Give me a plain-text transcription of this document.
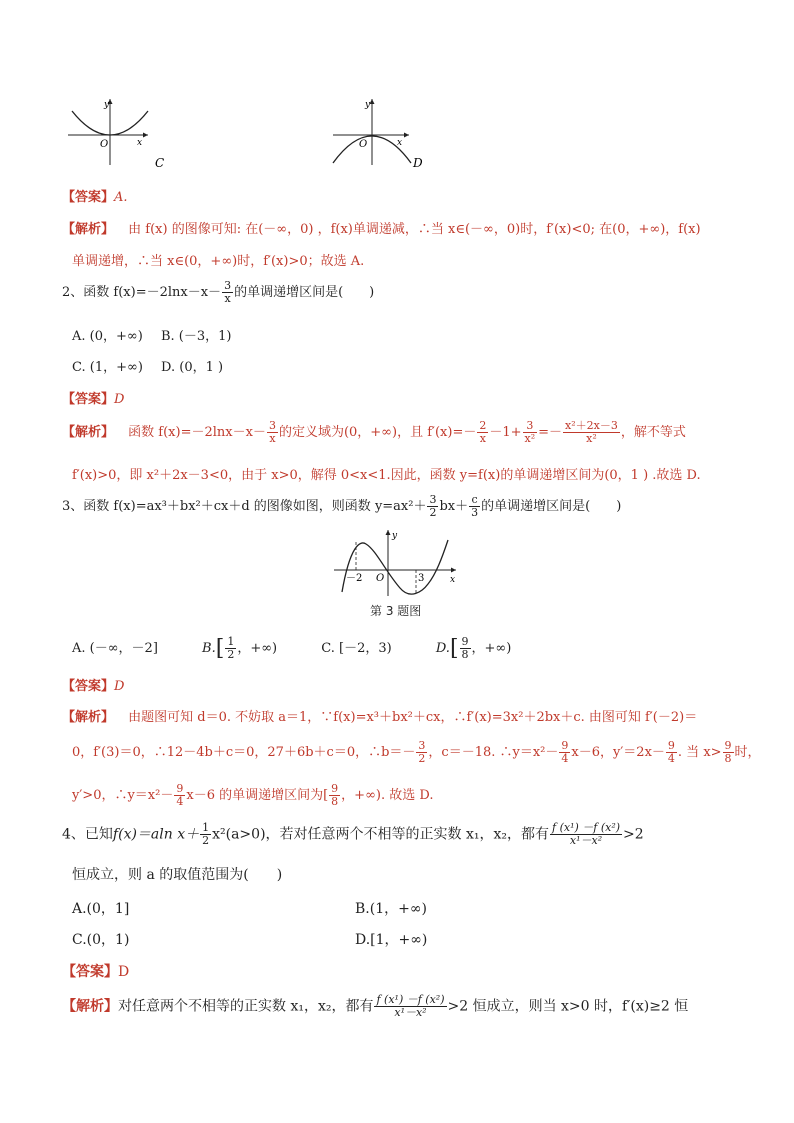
y
x
O
C
y
x
O
D
【答案】A.
【解析】 由 f(x) 的图像可知: 在(－∞，0) ，f(x)单调递减，∴当 x∈(－∞，0)时，f′(x)<0; 在(0，+∞)，f(x)
单调递增，∴当 x∈(0，+∞)时，f′(x)>0；故选 A.
2、函数 $f(x)=-2\ln x-x- \frac{3}{x}$ 的单调递增区间是(　　)
A. (0，+∞) B. (－3，1)
C. (1，+∞) D. (0，1 )
【答案】D
【解析】 函数 $f(x)=-2\ln x-x- \frac{3}{x}$ 的定义域为(0，+∞)，且 $f'(x)=- \frac{2}{x} -1+ \frac{3}{\text{x²}} =- \frac{\text{x²＋2x－3}}{\text{x²}}$ ，解不等式
f′(x)>0，即 x²＋2x－3<0，由于 x>0，解得 0<x<1.因此，函数 y=f(x)的单调递增区间为(0，1 ) .故选 D.
3、函数 f(x)=ax³＋bx²＋cx＋d 的图像如图，则函数 $y=ax^2+ \frac{3}{2} bx+ \frac{c}{3}$ 的单调递增区间是(　　)
－2	3
O	x
y
第 3 题图
A. (－∞，－2]	$B.[ \frac{1}{2}$ ，+∞)	C. [－2，3)	$D.[ \frac{9}{8}$ ，+∞)
【答案】D
【解析】 由题图可知 d＝0. 不妨取 a＝1，∵f(x)=x³＋bx²＋cx，∴f′(x)=3x²＋2bx＋c. 由图可知 f′(－2)＝
0，f′(3)＝0，∴12－4b＋c＝0，27＋6b＋c＝0，∴b＝－ $\frac{3}{2}$ ，c＝－18. ∴y＝x²－ $\frac{9}{4} x-6$，$y'=2x- \frac{9}{4}$ . 当 $x> \frac{9}{8}$ 时，
y′>0，∴y＝x²－ $\frac{9}{4} x-6$ 的单调递增区间为[ $\frac{9}{8}$ ，+∞). 故选 D.
4、已知f(x)＝aln $x+ \frac{1}{2} x^2(a>0)$，若对任意两个不相等的正实数 x₁，x₂，都有 $\frac{\text{f (x¹) －f (x²)}}{\text{x¹－x²}} >2$
恒成立，则 a 的取值范围为(　　)
A.(0，1]	B.(1，+∞)
C.(0，1)	D.[1，+∞)
【答案】D
【解析】对任意两个不相等的正实数 x₁，x₂，都有 $\frac{\text{f (x¹) －f (x²)}}{\text{x¹－x²}} >2$ 恒成立，则当 x>0 时，f′(x)≥2 恒
